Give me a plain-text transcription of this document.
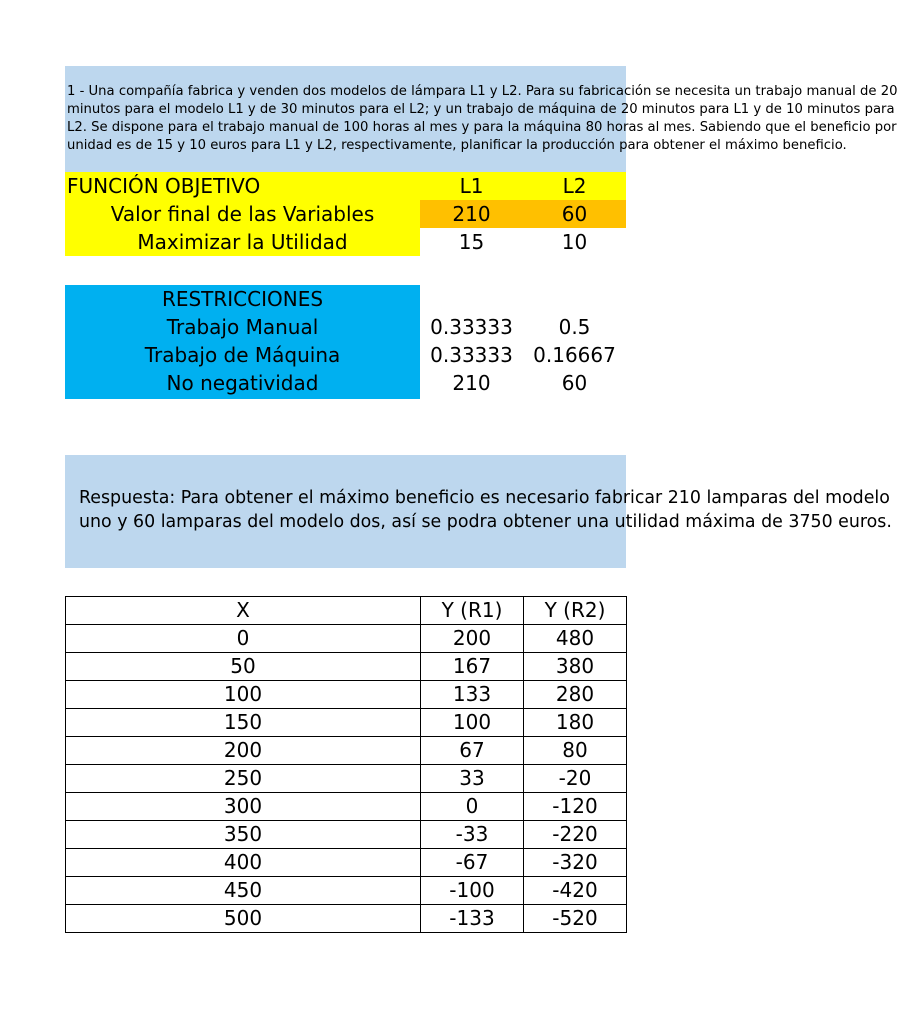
1 - Una compañía fabrica y venden dos modelos de lámpara L1 y L2. Para su fabricación se necesita un trabajo manual de 20
minutos para el modelo L1 y de 30 minutos para el L2; y un trabajo de máquina de 20 minutos para L1 y de 10 minutos para
L2. Se dispone para el trabajo manual de 100 horas al mes y para la máquina 80 horas al mes. Sabiendo que el beneficio por
unidad es de 15 y 10 euros para L1 y L2, respectivamente, planificar la producción para obtener el máximo beneficio.
FUNCIÓN OBJETIVO	L1	L2
Valor final de las Variables	210	60
Maximizar la Utilidad	15	10
RESTRICCIONES
Trabajo Manual	0.33333	0.5
Trabajo de Máquina	0.33333	0.16667
No negatividad	210	60
Respuesta: Para obtener el máximo beneficio es necesario fabricar 210 lamparas del modelo
uno y 60 lamparas del modelo dos, así se podra obtener una utilidad máxima de 3750 euros.
X	Y (R1)	Y (R2)
0	200	480
50	167	380
100	133	280
150	100	180
200	67	80
250	33	-20
300	0	-120
350	-33	-220
400	-67	-320
450	-100	-420
500	-133	-520
